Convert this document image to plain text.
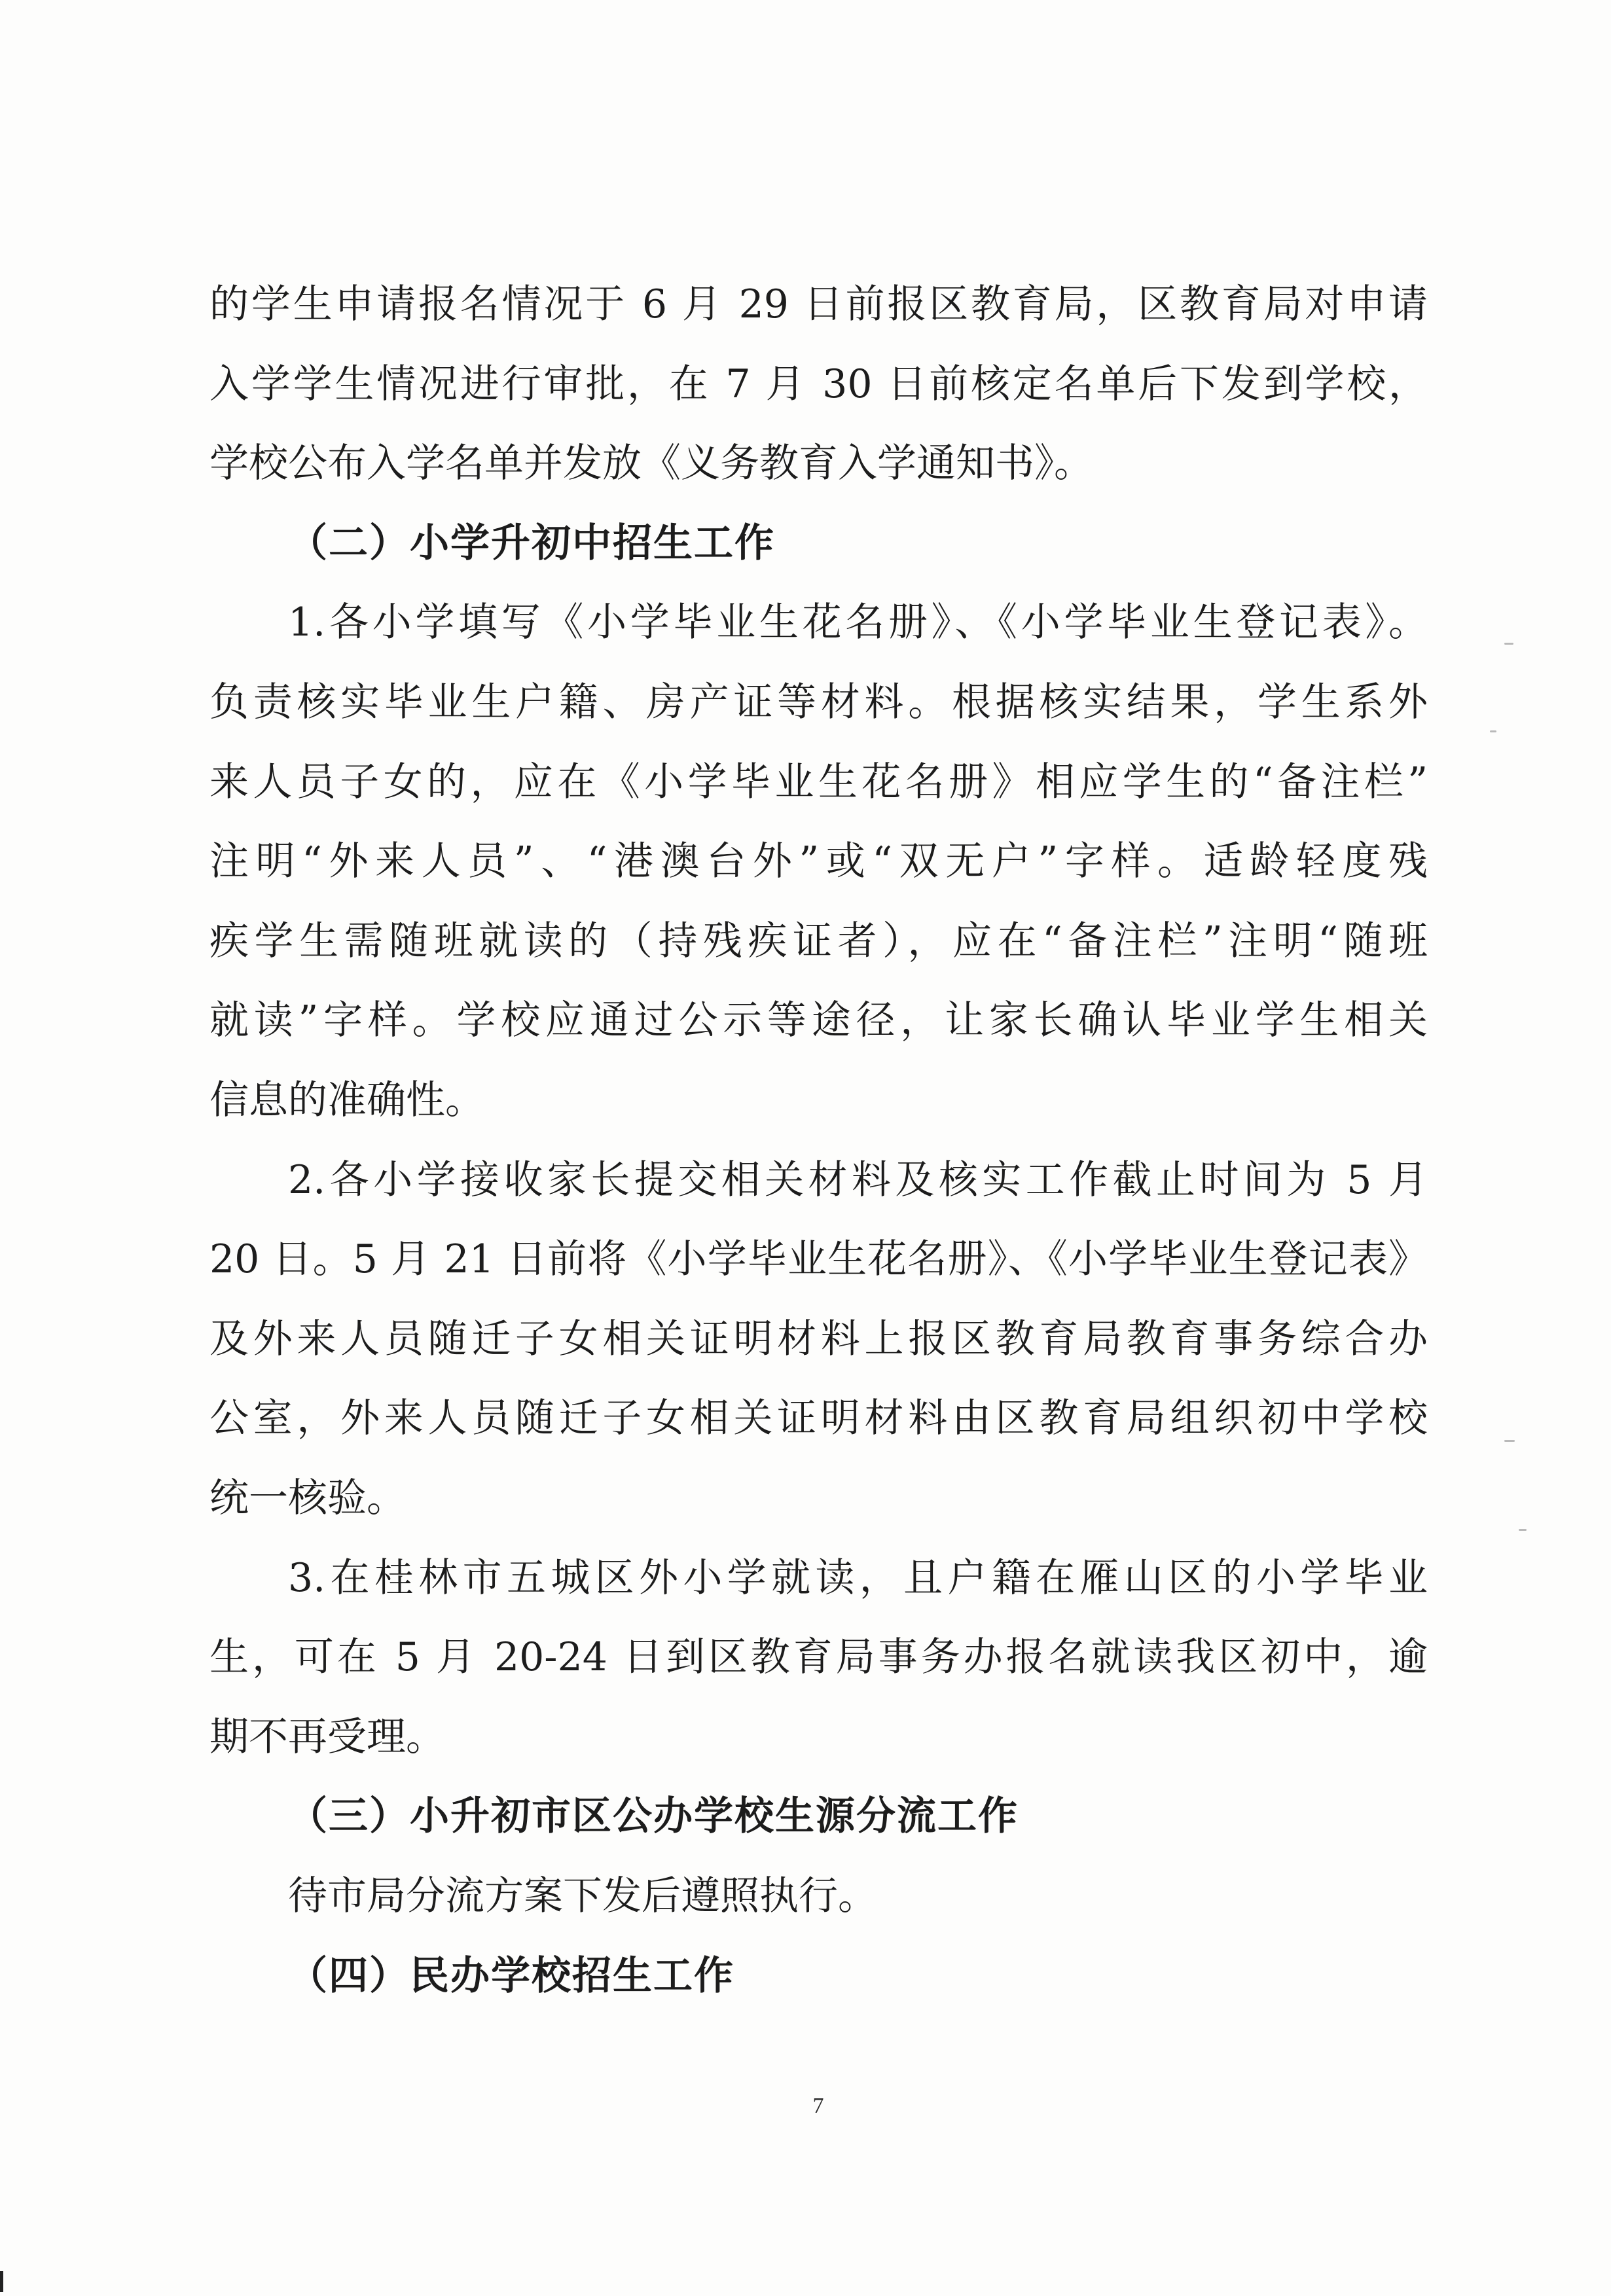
的学生申请报名情况于 6 月 29 日前报区教育局，区教育局对申请
入学学生情况进行审批，在 7 月 30 日前核定名单后下发到学校，
学校公布入学名单并发放《义务教育入学通知书》。
（二）小学升初中招生工作
1.各小学填写《小学毕业生花名册》、《小学毕业生登记表》。
负责核实毕业生户籍、房产证等材料。根据核实结果，学生系外
来人员子女的，应在《小学毕业生花名册》相应学生的“备注栏”
注明“外来人员”、“港澳台外”或“双无户”字样。适龄轻度残
疾学生需随班就读的（持残疾证者），应在“备注栏”注明“随班
就读”字样。学校应通过公示等途径，让家长确认毕业学生相关
信息的准确性。
2.各小学接收家长提交相关材料及核实工作截止时间为 5 月
20 日。5 月 21 日前将《小学毕业生花名册》、《小学毕业生登记表》
及外来人员随迁子女相关证明材料上报区教育局教育事务综合办
公室，外来人员随迁子女相关证明材料由区教育局组织初中学校
统一核验。
3.在桂林市五城区外小学就读，且户籍在雁山区的小学毕业
生，可在 5 月 20-24 日到区教育局事务办报名就读我区初中，逾
期不再受理。
（三）小升初市区公办学校生源分流工作
待市局分流方案下发后遵照执行。
（四）民办学校招生工作
7
